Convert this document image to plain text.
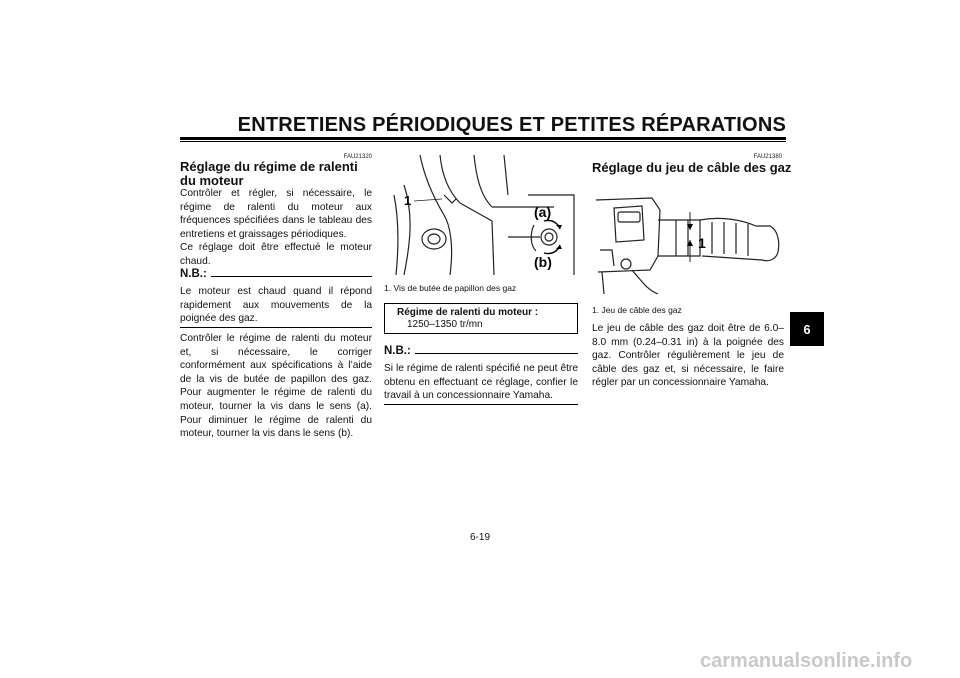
ENTRETIENS PÉRIODIQUES ET PETITES RÉPARATIONS
FAU21320
Réglage du régime de ralenti du moteur

Contrôler et régler, si nécessaire, le régime de ralenti du moteur aux fréquences spécifiées dans le tableau des entretiens et graissages périodiques.

Ce réglage doit être effectué le moteur chaud.

N.B.:
Le moteur est chaud quand il répond rapidement aux mouvements de la poignée des gaz.
Contrôler le régime de ralenti du moteur et, si nécessaire, le corriger conformément aux spécifications à l’aide de la vis de butée de papillon des gaz. Pour augmenter le régime de ralenti du moteur, tourner la vis dans le sens (a). Pour diminuer le régime de ralenti du moteur, tourner la vis dans le sens (b).
1
(a)
(b)
1. Vis de butée de papillon des gaz
Régime de ralenti du moteur :
1250–1350 tr/mn
N.B.:
Si le régime de ralenti spécifié ne peut être obtenu en effectuant ce réglage, confier le travail à un concessionnaire Yamaha.
FAU21380
Réglage du jeu de câble des gaz
1
1. Jeu de câble des gaz
Le jeu de câble des gaz doit être de 6.0–8.0 mm (0.24–0.31 in) à la poignée des gaz. Contrôler régulièrement le jeu de câble des gaz et, si nécessaire, le faire régler par un concessionnaire Yamaha.
6
6-19
carmanualsonline.info
